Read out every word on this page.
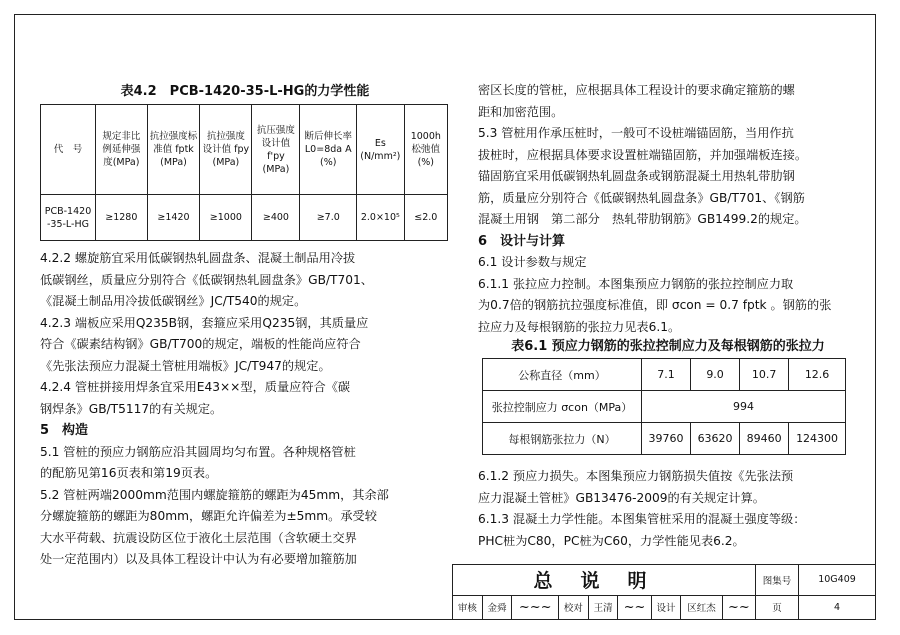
表4.2　PCB-1420-35-L-HG的力学性能
代　号	规定非比例延伸强度(MPa)	抗拉强度标准值 fptk (MPa)	抗拉强度设计值 fpy (MPa)	抗压强度设计值 f'py (MPa)	断后伸长率 L0=8da A (%)	Es (N/mm²)	1000h松弛值(%)
PCB-1420 -35-L-HG	≥1280	≥1420	≥1000	≥400	≥7.0	2.0×10⁵	≤2.0

4.2.2 螺旋筋宜采用低碳钢热轧圆盘条、混凝土制品用冷拔

低碳钢丝，质量应分别符合《低碳钢热轧圆盘条》GB/T701、

《混凝土制品用冷拔低碳钢丝》JC/T540的规定。

4.2.3 端板应采用Q235B钢，套箍应采用Q235钢，其质量应

符合《碳素结构钢》GB/T700的规定，端板的性能尚应符合

《先张法预应力混凝土管桩用端板》JC/T947的规定。

4.2.4 管桩拼接用焊条宜采用E43××型，质量应符合《碳

钢焊条》GB/T5117的有关规定。

5　构造

5.1 管桩的预应力钢筋应沿其圆周均匀布置。各种规格管桩

的配筋见第16页表和第19页表。

5.2 管桩两端2000mm范围内螺旋箍筋的螺距为45mm，其余部

分螺旋箍筋的螺距为80mm，螺距允许偏差为±5mm。承受较

大水平荷载、抗震设防区位于液化土层范围（含软硬土交界

处一定范围内）以及具体工程设计中认为有必要增加箍筋加

密区长度的管桩，应根据具体工程设计的要求确定箍筋的螺

距和加密范围。

5.3 管桩用作承压桩时，一般可不设桩端锚固筋，当用作抗

拔桩时，应根据具体要求设置桩端锚固筋，并加强端板连接。

锚固筋宜采用低碳钢热轧圆盘条或钢筋混凝土用热轧带肋钢

筋，质量应分别符合《低碳钢热轧圆盘条》GB/T701、《钢筋

混凝土用钢　第二部分　热轧带肋钢筋》GB1499.2的规定。

6　设计与计算

6.1 设计参数与规定

6.1.1 张拉应力控制。本图集预应力钢筋的张拉控制应力取

为0.7倍的钢筋抗拉强度标准值，即 σcon = 0.7 fptk 。钢筋的张

拉应力及每根钢筋的张拉力见表6.1。

表6.1 预应力钢筋的张拉控制应力及每根钢筋的张拉力
公称直径（mm）	7.1	9.0	10.7	12.6
张拉控制应力 σcon（MPa）	994			
每根钢筋张拉力（N）	39760	63620	89460	124300

6.1.2 预应力损失。本图集预应力钢筋损失值按《先张法预

应力混凝土管桩》GB13476-2009的有关规定计算。

6.1.3 混凝土力学性能。本图集管桩采用的混凝土强度等级：

PHC桩为C80，PC桩为C60，力学性能见表6.2。

总说明									图集号	10G409
审核	金舜	~~~	校对	王清	~~	设计	区红杰	~~	页	4
